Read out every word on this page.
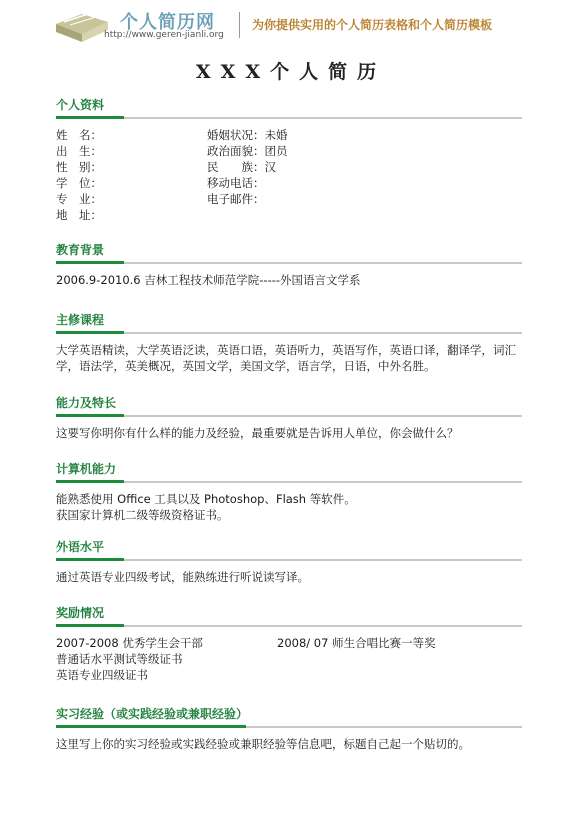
个人简历网
http://www.geren-jianli.org
为你提供实用的个人简历表格和个人简历模板
XXX个人简历
个人资料
姓　名：
出　生：
性　别：
学　位：
专　业：
地　址：
婚姻状况：未婚
政治面貌：团员
民　　族：汉
移动电话：
电子邮件：
教育背景
2006.9-2010.6 吉林工程技术师范学院-----外国语言文学系
主修课程
大学英语精读，大学英语泛读，英语口语，英语听力，英语写作，英语口译，翻译学，词汇学，语法学，英美概况，英国文学，美国文学，语言学，日语，中外名胜。
能力及特长
这要写你明你有什么样的能力及经验，最重要就是告诉用人单位，你会做什么？
计算机能力
能熟悉使用 Office 工具以及 Photoshop、Flash 等软件。
获国家计算机二级等级资格证书。
外语水平
通过英语专业四级考试，能熟练进行听说读写译。
奖励情况
2007-2008 优秀学生会干部	2008/ 07 师生合唱比赛一等奖
普通话水平测试等级证书
英语专业四级证书
实习经验（或实践经验或兼职经验）
这里写上你的实习经验或实践经验或兼职经验等信息吧，标题自己起一个贴切的。
